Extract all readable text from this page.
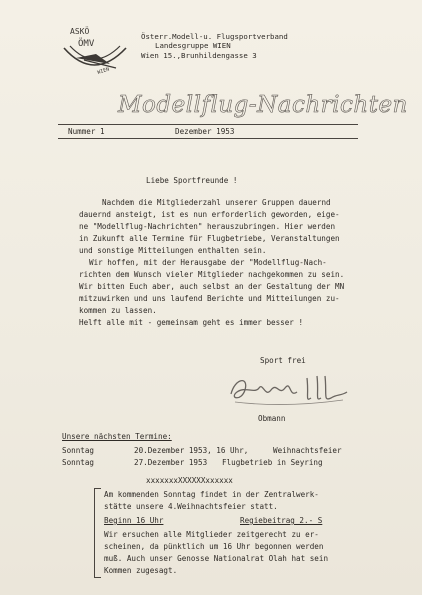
ASKÖ
ÖMV
WIEN
Österr.Modell-u. Flugsportverband
Landesgruppe WIEN
Wien 15.,Brunhildengasse 3
Modellflug-Nachrichten
Nummer 1	Dezember 1953
Liebe Sportfreunde !
Nachdem die Mitgliederzahl unserer Gruppen dauernd
dauernd ansteigt, ist es nun erforderlich geworden, eige-
ne "Modellflug-Nachrichten" herauszubringen. Hier werden
in Zukunft alle Termine für Flugbetriebe, Veranstaltungen
und sonstige Mitteilungen enthalten sein.
Wir hoffen, mit der Herausgabe der "Modellflug-Nach-
richten dem Wunsch vieler Mitglieder nachgekommen zu sein.
Wir bitten Euch aber, auch selbst an der Gestaltung der MN
mitzuwirken und uns laufend Berichte und Mitteilungen zu-
kommen zu lassen.
Helft alle mit - gemeinsam geht es immer besser !
Sport frei
Obmann
Unsere nächsten Termine:
Sonntag	20.Dezember 1953, 16 Uhr,	Weihnachtsfeier
Sonntag	27.Dezember 1953 Flugbetrieb in Seyring
xxxxxxxXXXXXXxxxxxx
Am kommenden Sonntag findet in der Zentralwerk-
stätte unsere 4.Weihnachtsfeier statt.
Beginn 16 Uhr	Regiebeitrag 2.- S
Wir ersuchen alle Mitglieder zeitgerecht zu er-
scheinen, da pünktlich um 16 Uhr begonnen werden
muß. Auch unser Genosse Nationalrat Olah hat sein
Kommen zugesagt.
